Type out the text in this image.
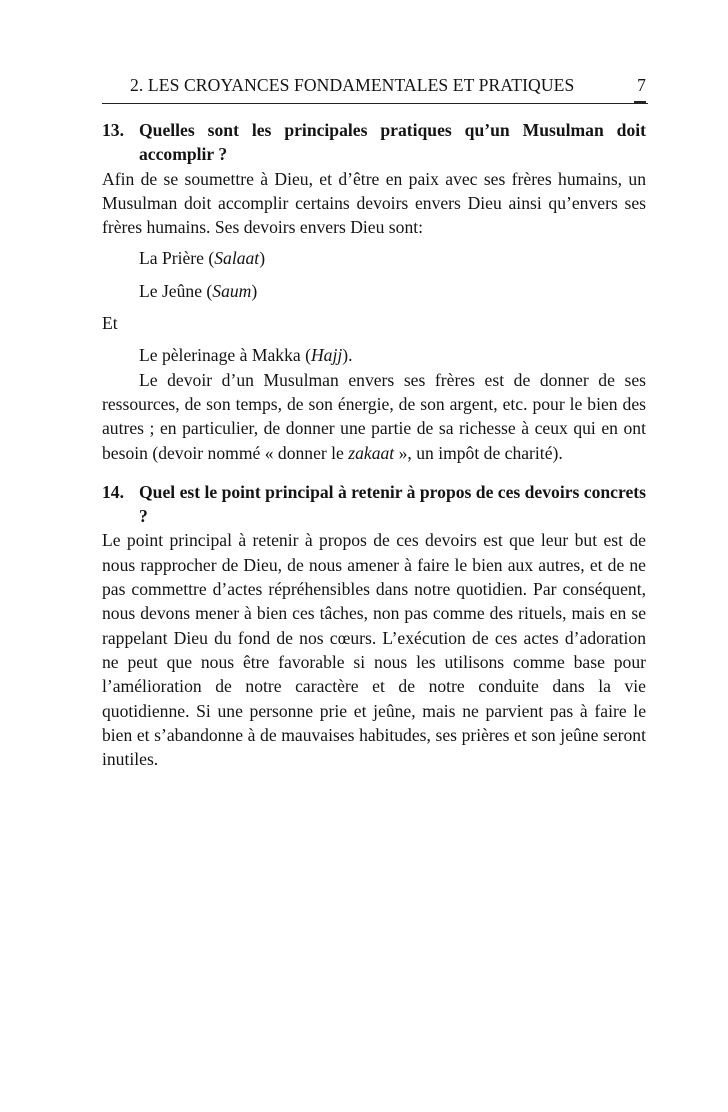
2. LES CROYANCES FONDAMENTALES ET PRATIQUES	7
13. Quelles sont les principales pratiques qu’un Musulman doit accomplir ?

Afin de se soumettre à Dieu, et d’être en paix avec ses frères humains, un Musulman doit accomplir certains devoirs envers Dieu ainsi qu’envers ses frères humains. Ses devoirs envers Dieu sont:

La Prière (Salaat)
Le Jeûne (Saum)
Et
Le pèlerinage à Makka (Hajj).

Le devoir d’un Musulman envers ses frères est de donner de ses ressources, de son temps, de son énergie, de son argent, etc. pour le bien des autres ; en particulier, de donner une partie de sa richesse à ceux qui en ont besoin (devoir nommé « donner le zakaat », un impôt de charité).

14. Quel est le point principal à retenir à propos de ces devoirs concrets ?

Le point principal à retenir à propos de ces devoirs est que leur but est de nous rapprocher de Dieu, de nous amener à faire le bien aux autres, et de ne pas commettre d’actes répréhensibles dans notre quotidien. Par conséquent, nous devons mener à bien ces tâches, non pas comme des rituels, mais en se rappelant Dieu du fond de nos cœurs. L’exécution de ces actes d’adoration ne peut que nous être favorable si nous les utilisons comme base pour l’amélioration de notre caractère et de notre conduite dans la vie quotidienne. Si une personne prie et jeûne, mais ne parvient pas à faire le bien et s’abandonne à de mauvaises habitudes, ses prières et son jeûne seront inutiles.
